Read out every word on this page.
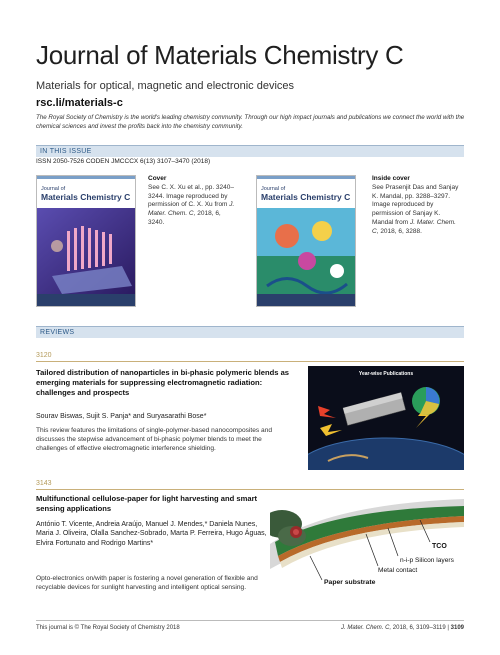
Journal of Materials Chemistry C
Materials for optical, magnetic and electronic devices
rsc.li/materials-c
The Royal Society of Chemistry is the world's leading chemistry community. Through our high impact journals and publications we connect the world with the chemical sciences and invest the profits back into the chemistry community.
IN THIS ISSUE
ISSN 2050-7526 CODEN JMCCCX 6(13) 3107–3470 (2018)
Journal of
Materials Chemistry C
Cover
See C. X. Xu et al., pp. 3240–3244. Image reproduced by permission of C. X. Xu from J. Mater. Chem. C, 2018, 6, 3240.
Journal of
Materials Chemistry C
Inside cover
See Prasenjit Das and Sanjay K. Mandal, pp. 3288–3297. Image reproduced by permission of Sanjay K. Mandal from J. Mater. Chem. C, 2018, 6, 3288.
REVIEWS
3120
Tailored distribution of nanoparticles in bi-phasic polymeric blends as emerging materials for suppressing electromagnetic radiation: challenges and prospects
Sourav Biswas, Sujit S. Panja* and Suryasarathi Bose*
This review features the limitations of single-polymer-based nanocomposites and discusses the stepwise advancement of bi-phasic polymer blends to meet the challenges of effective electromagnetic interference shielding.
Year-wise Publications
3143
Multifunctional cellulose-paper for light harvesting and smart sensing applications
António T. Vicente, Andreia Araújo, Manuel J. Mendes,* Daniela Nunes, Maria J. Oliveira, Olalla Sanchez-Sobrado, Marta P. Ferreira, Hugo Águas, Elvira Fortunato and Rodrigo Martins*
Opto-electronics on/with paper is fostering a novel generation of flexible and recyclable devices for sunlight harvesting and intelligent optical sensing.
TCO
n-i-p Silicon layers
Metal contact
Paper substrate
This journal is © The Royal Society of Chemistry 2018	J. Mater. Chem. C, 2018, 6, 3109–3119 | 3109
